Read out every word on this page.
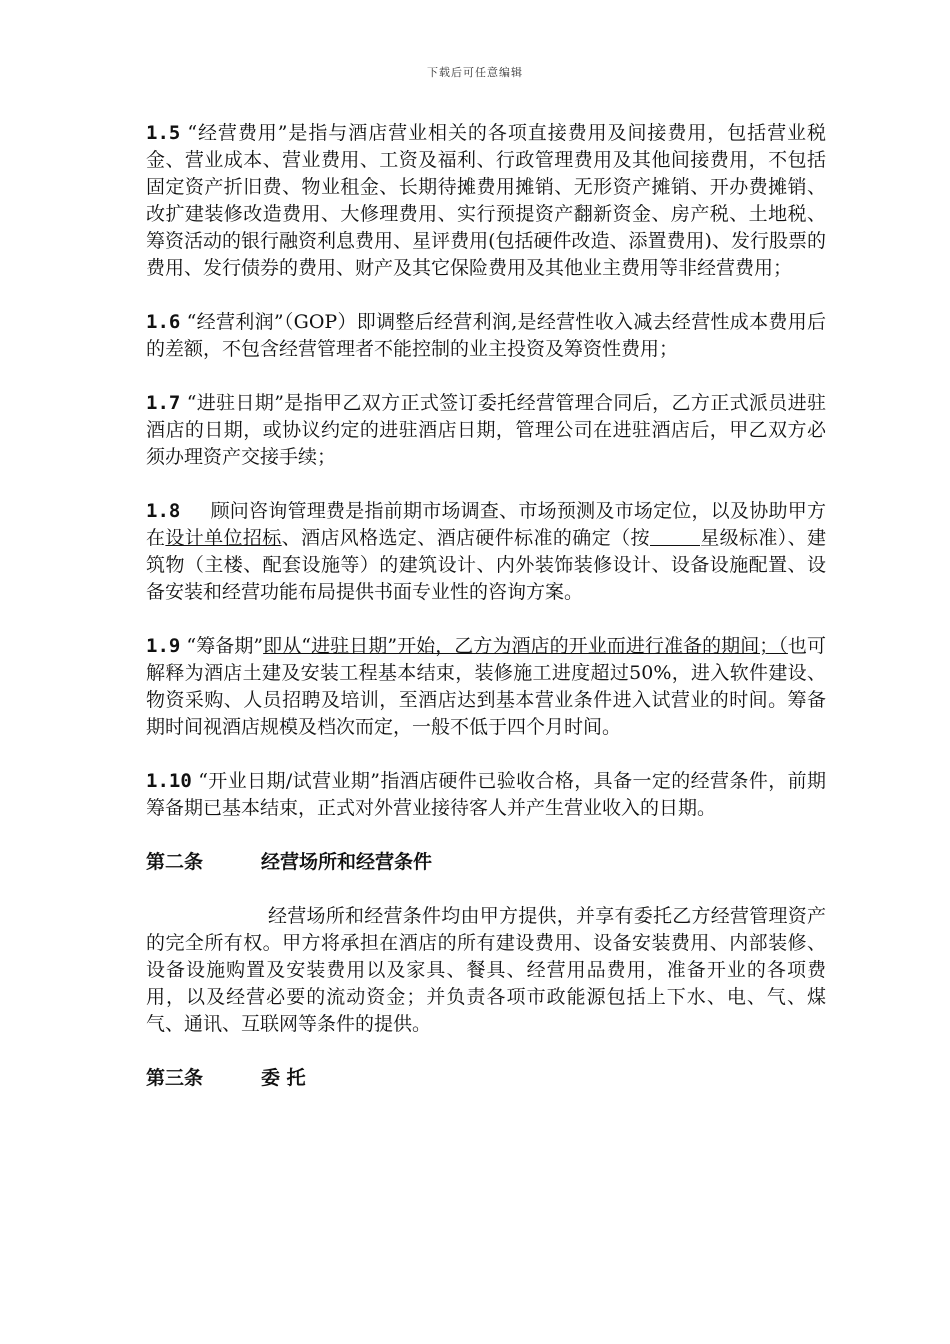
下载后可任意编辑

1.5 “经营费用”是指与酒店营业相关的各项直接费用及间接费用，包括营业税金、营业成本、营业费用、工资及福利、行政管理费用及其他间接费用，不包括固定资产折旧费、物业租金、长期待摊费用摊销、无形资产摊销、开办费摊销、改扩建装修改造费用、大修理费用、实行预提资产翻新资金、房产税、土地税、筹资活动的银行融资利息费用、星评费用(包括硬件改造、添置费用)、发行股票的费用、发行债券的费用、财产及其它保险费用及其他业主费用等非经营费用；

1.6 “经营利润”（GOP）即调整后经营利润,是经营性收入减去经营性成本费用后的差额，不包含经营管理者不能控制的业主投资及筹资性费用；

1.7 “进驻日期”是指甲乙双方正式签订委托经营管理合同后，乙方正式派员进驻酒店的日期，或协议约定的进驻酒店日期，管理公司在进驻酒店后，甲乙双方必须办理资产交接手续；

1.8 顾问咨询管理费是指前期市场调查、市场预测及市场定位，以及协助甲方在设计单位招标、酒店风格选定、酒店硬件标准的确定（按	星级标准）、建筑物（主楼、配套设施等）的建筑设计、内外装饰装修设计、设备设施配置、设备安装和经营功能布局提供书面专业性的咨询方案。

1.9 “筹备期”即从“进驻日期”开始，乙方为酒店的开业而进行准备的期间；（也可解释为酒店土建及安装工程基本结束，装修施工进度超过50%，进入软件建设、物资采购、人员招聘及培训，至酒店达到基本营业条件进入试营业的时间。筹备期时间视酒店规模及档次而定，一般不低于四个月时间。

1.10 “开业日期/试营业期”指酒店硬件已验收合格，具备一定的经营条件，前期筹备期已基本结束，正式对外营业接待客人并产生营业收入的日期。

第二条	经营场所和经营条件

经营场所和经营条件均由甲方提供，并享有委托乙方经营管理资产的完全所有权。甲方将承担在酒店的所有建设费用、设备安装费用、内部装修、设备设施购置及安装费用以及家具、餐具、经营用品费用，准备开业的各项费用，以及经营必要的流动资金；并负责各项市政能源包括上下水、电、气、煤气、通讯、互联网等条件的提供。

第三条	委 托
